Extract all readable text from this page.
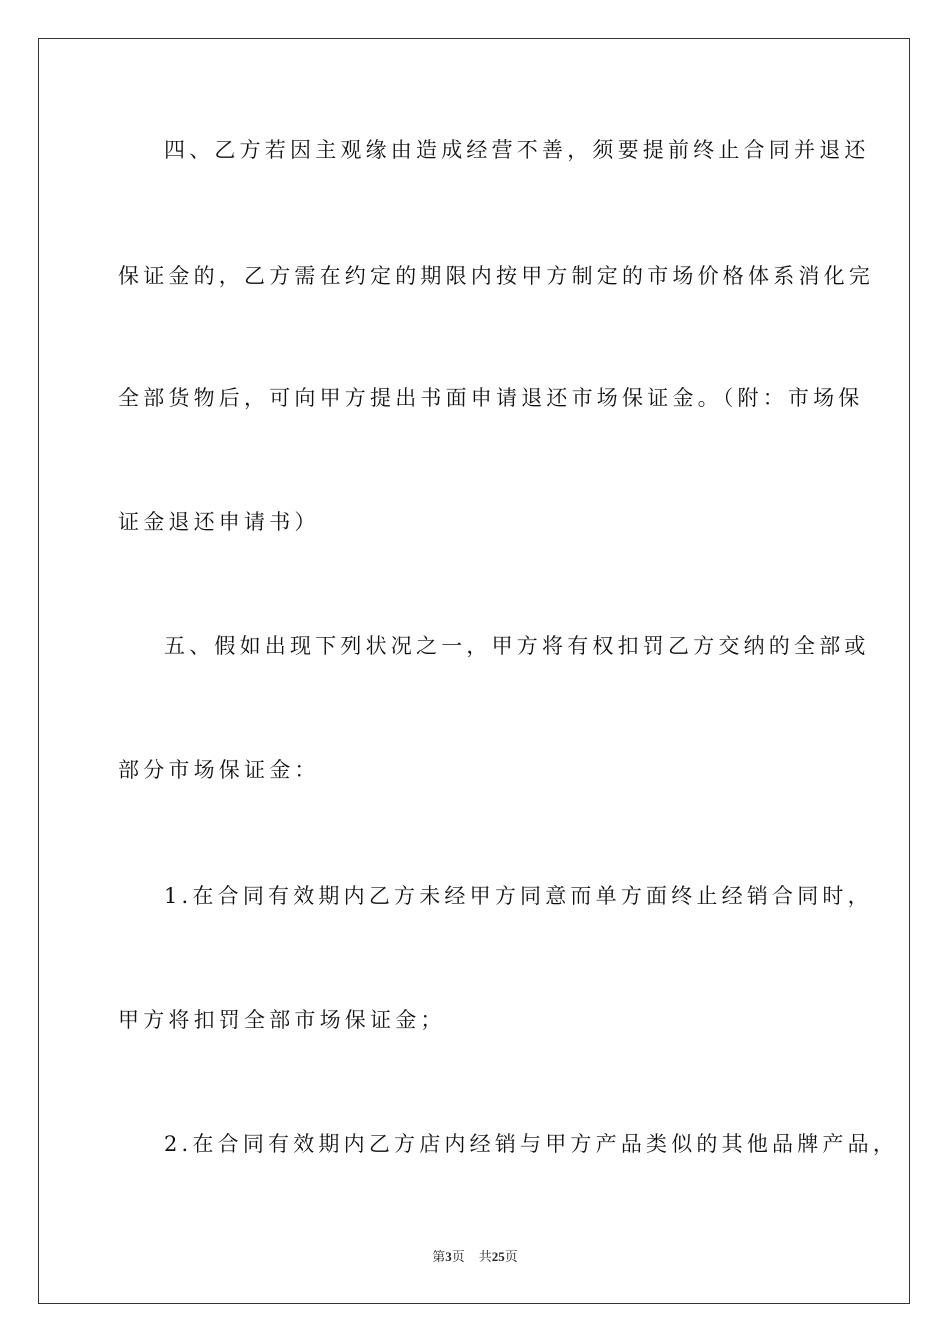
四、乙方若因主观缘由造成经营不善，须要提前终止合同并退还
保证金的，乙方需在约定的期限内按甲方制定的市场价格体系消化完
全部货物后，可向甲方提出书面申请退还市场保证金。（附：市场保
证金退还申请书）
五、假如出现下列状况之一，甲方将有权扣罚乙方交纳的全部或
部分市场保证金：
1.在合同有效期内乙方未经甲方同意而单方面终止经销合同时，
甲方将扣罚全部市场保证金；
2.在合同有效期内乙方店内经销与甲方产品类似的其他品牌产品，
第3页 共25页
